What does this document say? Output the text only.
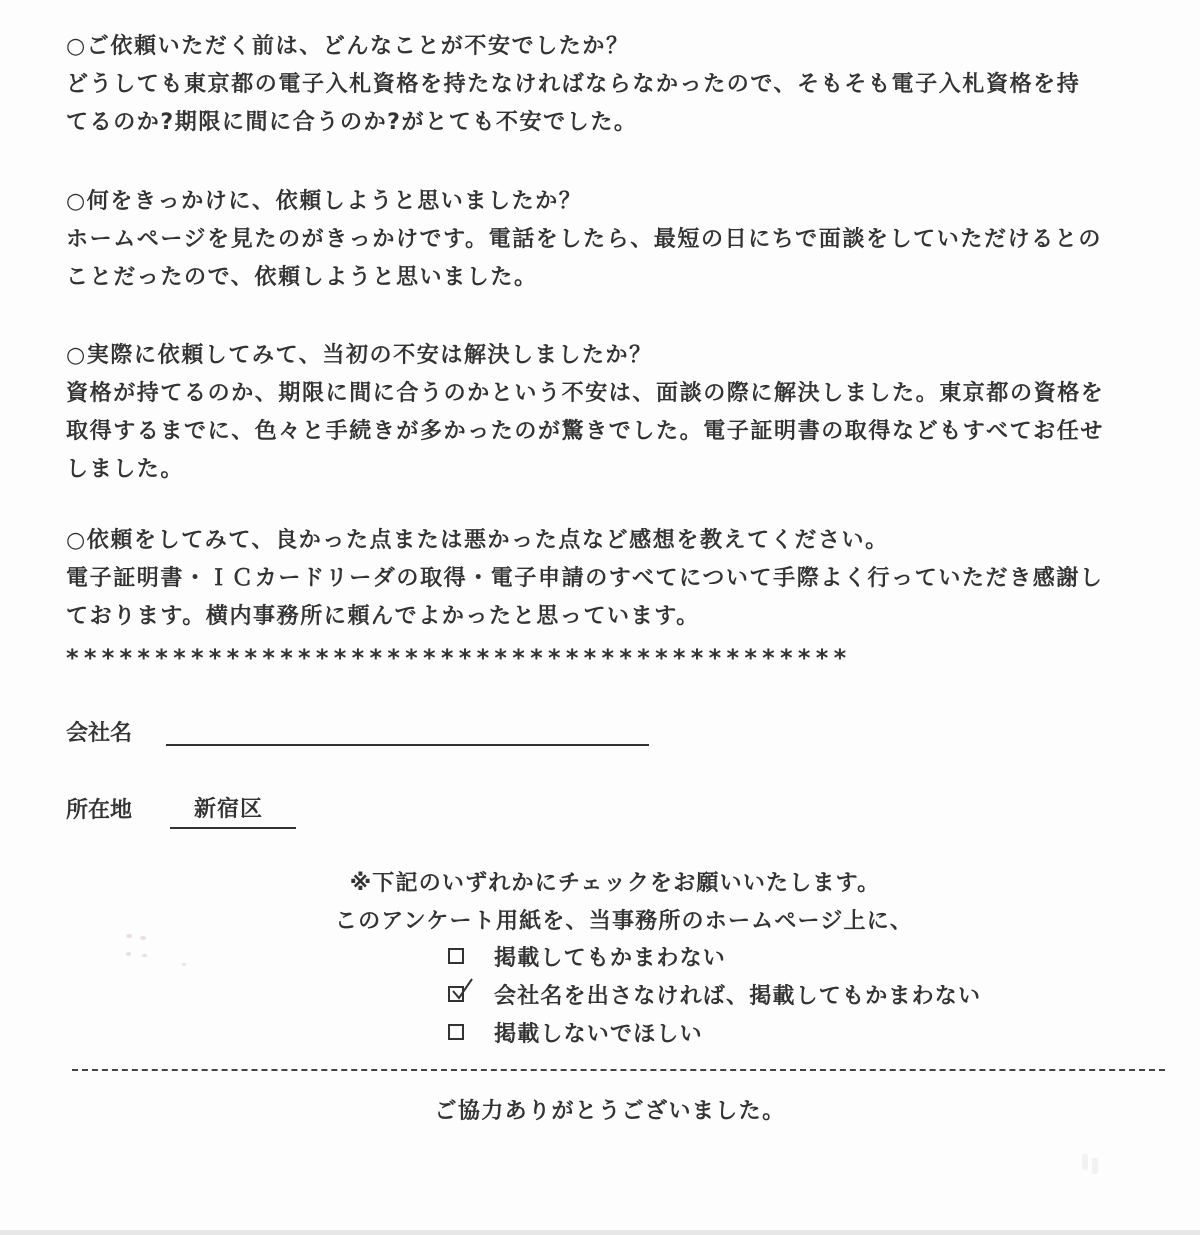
○ご依頼いただく前は、どんなことが不安でしたか？
どうしても東京都の電子入札資格を持たなければならなかったので、そもそも電子入札資格を持
てるのか?期限に間に合うのか?がとても不安でした。
○何をきっかけに、依頼しようと思いましたか？
ホームページを見たのがきっかけです。電話をしたら、最短の日にちで面談をしていただけるとの
ことだったので、依頼しようと思いました。
○実際に依頼してみて、当初の不安は解決しましたか？
資格が持てるのか、期限に間に合うのかという不安は、面談の際に解決しました。東京都の資格を
取得するまでに、色々と手続きが多かったのが驚きでした。電子証明書の取得などもすべてお任せ
しました。
○依頼をしてみて、良かった点または悪かった点など感想を教えてください。
電子証明書・ＩＣカードリーダの取得・電子申請のすべてについて手際よく行っていただき感謝し
ております。横内事務所に頼んでよかったと思っています。
********************************************
会社名
所在地	新宿区
※下記のいずれかにチェックをお願いいたします。
このアンケート用紙を、当事務所のホームページ上に、
掲載してもかまわない
会社名を出さなければ、掲載してもかまわない
掲載しないでほしい
ご協力ありがとうございました。
